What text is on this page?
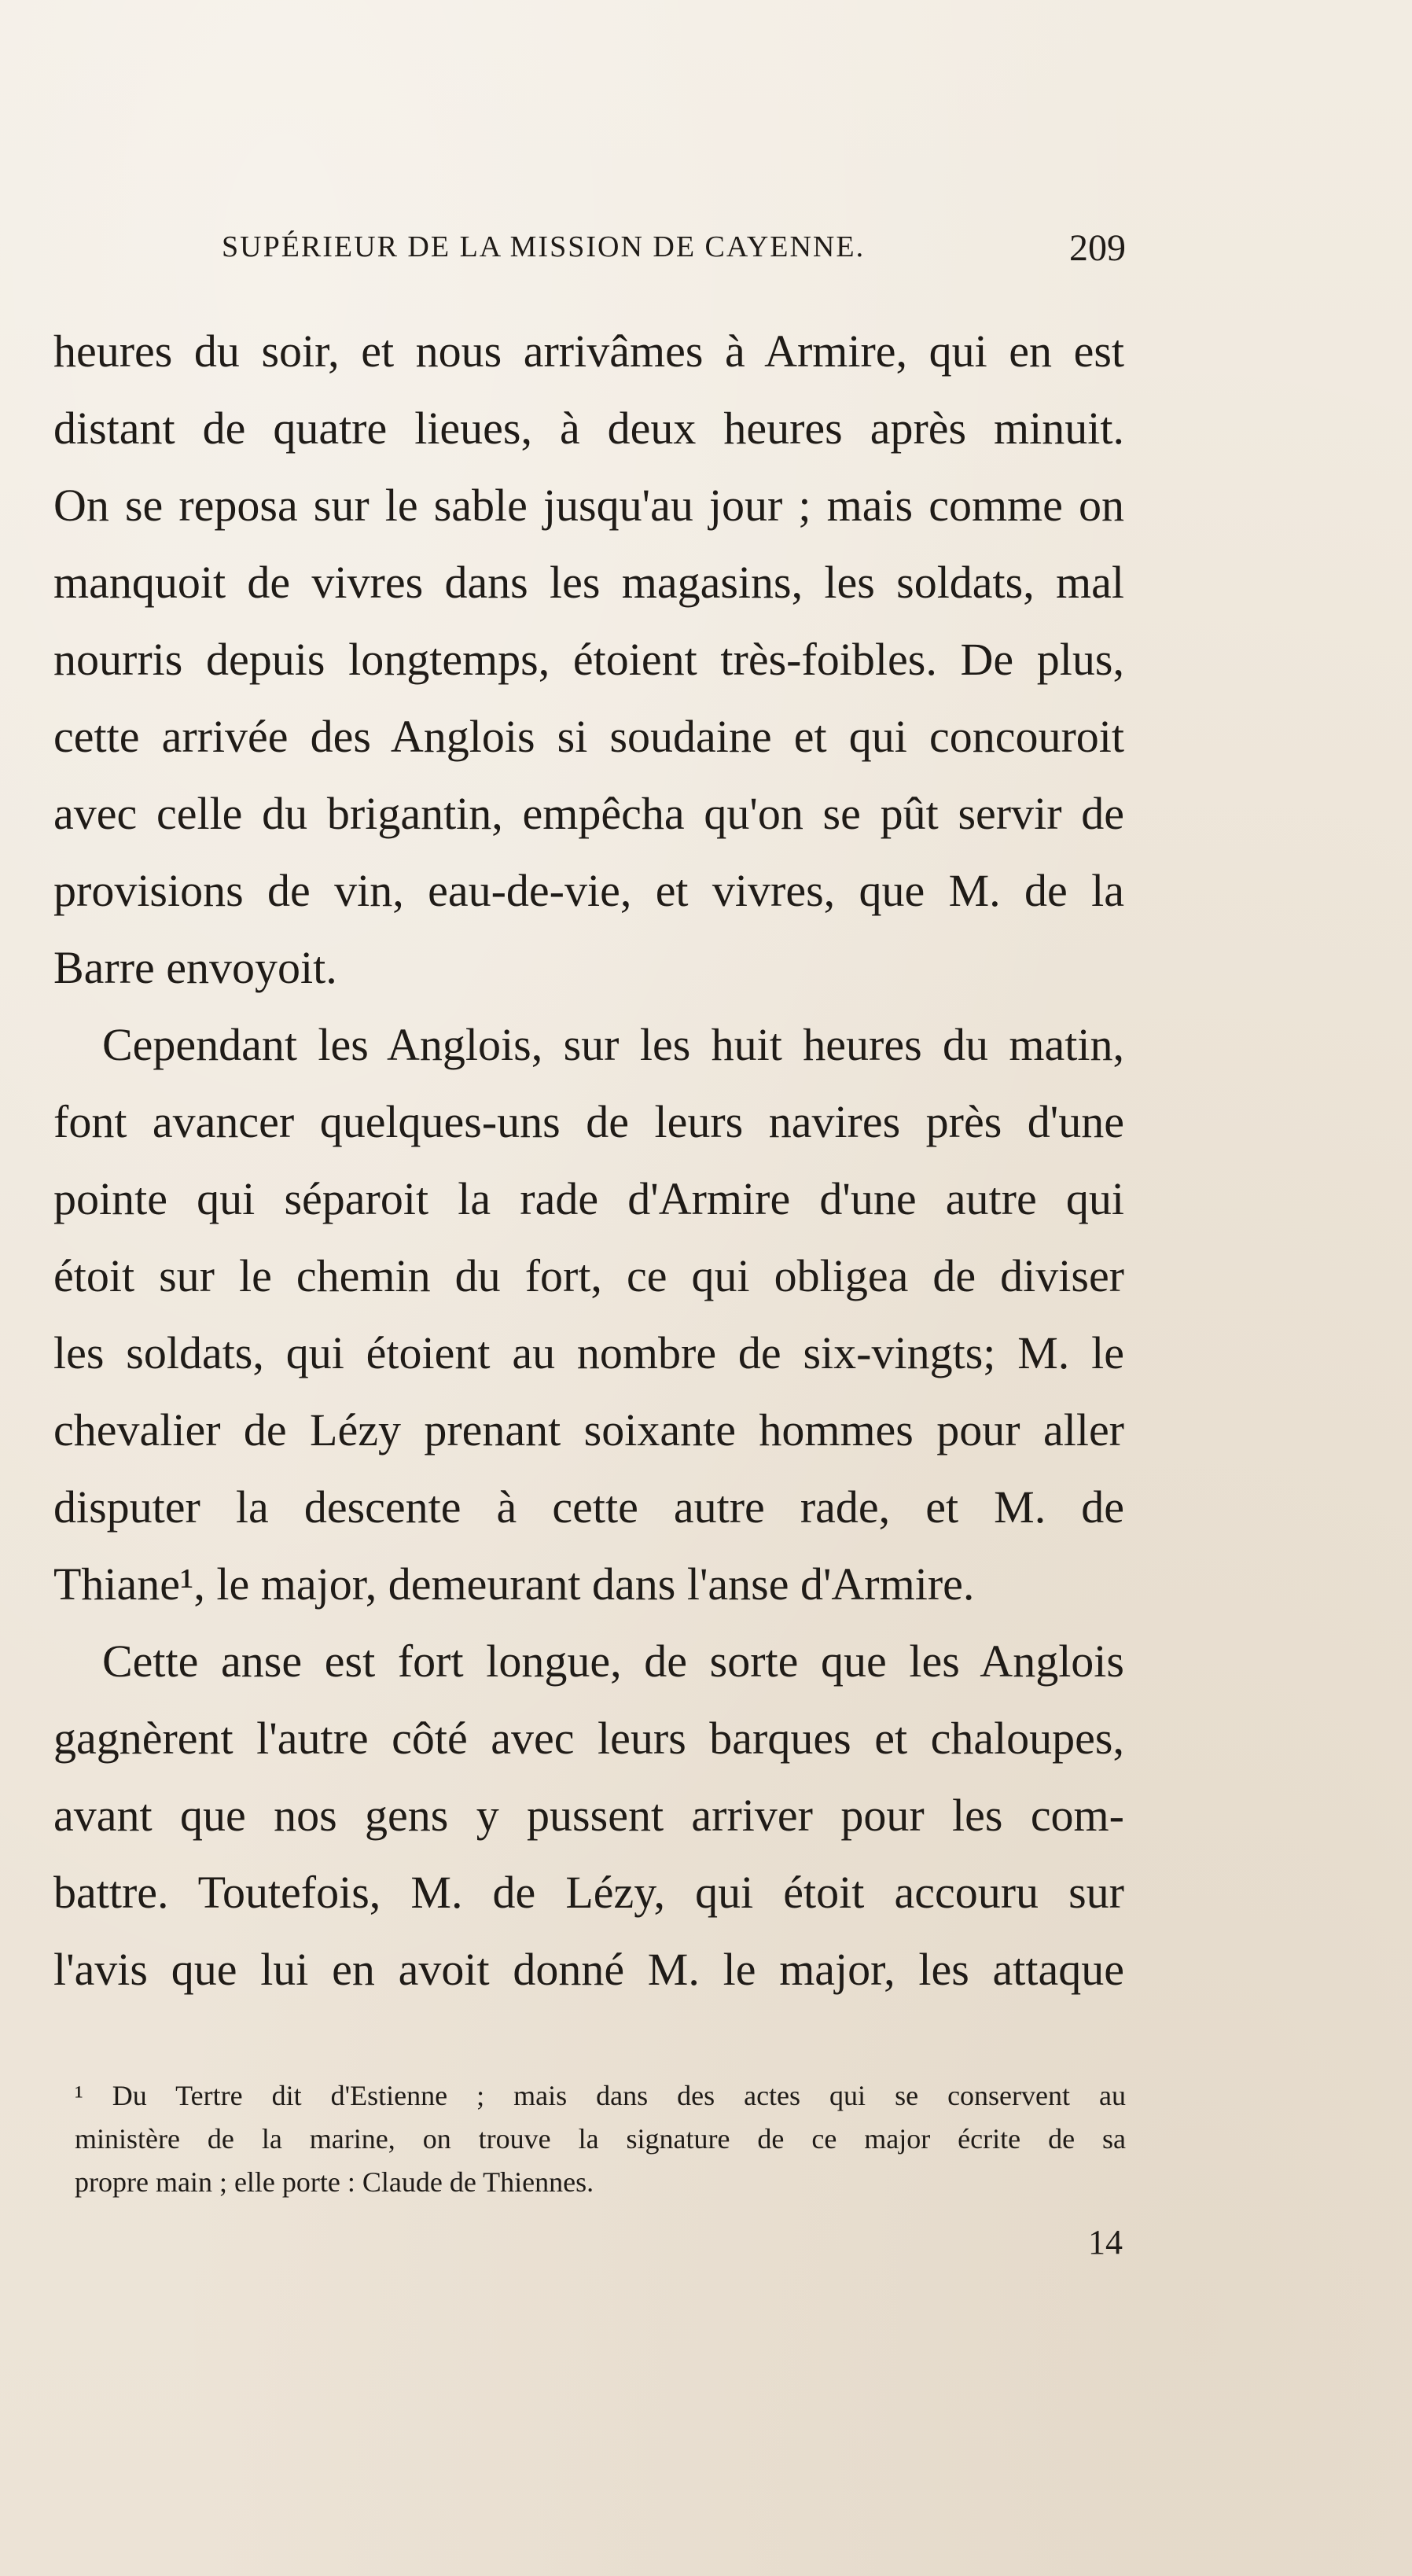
SUPÉRIEUR DE LA MISSION DE CAYENNE.	209
heures du soir, et nous arrivâmes à Armire, qui en est
distant de quatre lieues, à deux heures après minuit.
On se reposa sur le sable jusqu'au jour ; mais comme on
manquoit de vivres dans les magasins, les soldats, mal
nourris depuis longtemps, étoient très-foibles. De plus,
cette arrivée des Anglois si soudaine et qui concouroit
avec celle du brigantin, empêcha qu'on se pût servir de
provisions de vin, eau-de-vie, et vivres, que M. de la
Barre envoyoit.
Cependant les Anglois, sur les huit heures du matin,
font avancer quelques-uns de leurs navires près d'une
pointe qui séparoit la rade d'Armire d'une autre qui
étoit sur le chemin du fort, ce qui obligea de diviser
les soldats, qui étoient au nombre de six-vingts; M. le
chevalier de Lézy prenant soixante hommes pour aller
disputer la descente à cette autre rade, et M. de
Thiane¹, le major, demeurant dans l'anse d'Armire.
Cette anse est fort longue, de sorte que les Anglois
gagnèrent l'autre côté avec leurs barques et chaloupes,
avant que nos gens y pussent arriver pour les com-
battre. Toutefois, M. de Lézy, qui étoit accouru sur
l'avis que lui en avoit donné M. le major, les attaque
¹ Du Tertre dit d'Estienne ; mais dans des actes qui se conservent au
ministère de la marine, on trouve la signature de ce major écrite de sa
propre main ; elle porte : Claude de Thiennes.
14
